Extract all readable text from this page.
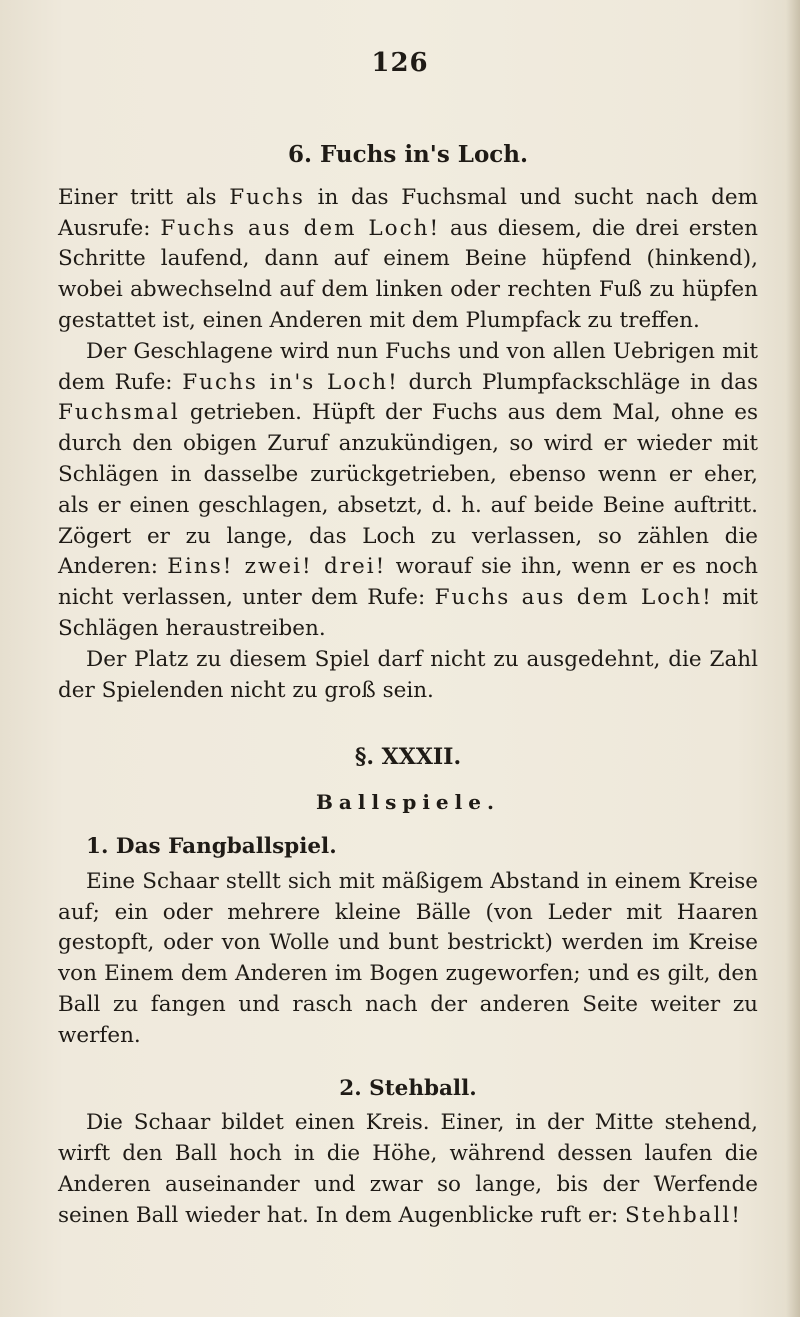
126

6. Fuchs in's Loch.

Einer tritt als Fuchs in das Fuchsmal und sucht nach dem Ausrufe: Fuchs aus dem Loch! aus diesem, die drei ersten Schritte laufend, dann auf einem Beine hüpfend (hinkend), wobei abwechselnd auf dem linken oder rechten Fuß zu hüpfen gestattet ist, einen Anderen mit dem Plumpfack zu treffen.

Der Geschlagene wird nun Fuchs und von allen Uebrigen mit dem Rufe: Fuchs in's Loch! durch Plumpfackschläge in das Fuchsmal getrieben. Hüpft der Fuchs aus dem Mal, ohne es durch den obigen Zuruf anzukündigen, so wird er wieder mit Schlägen in dasselbe zurückgetrieben, ebenso wenn er eher, als er einen geschlagen, absetzt, d. h. auf beide Beine auftritt. Zögert er zu lange, das Loch zu verlassen, so zählen die Anderen: Eins! zwei! drei! worauf sie ihn, wenn er es noch nicht verlassen, unter dem Rufe: Fuchs aus dem Loch! mit Schlägen heraustreiben.

Der Platz zu diesem Spiel darf nicht zu ausgedehnt, die Zahl der Spielenden nicht zu groß sein.

§. XXXII.

Ballspiele.

1. Das Fangballspiel.

Eine Schaar stellt sich mit mäßigem Abstand in einem Kreise auf; ein oder mehrere kleine Bälle (von Leder mit Haaren gestopft, oder von Wolle und bunt bestrickt) werden im Kreise von Einem dem Anderen im Bogen zugeworfen; und es gilt, den Ball zu fangen und rasch nach der anderen Seite weiter zu werfen.

2. Stehball.

Die Schaar bildet einen Kreis. Einer, in der Mitte stehend, wirft den Ball hoch in die Höhe, während dessen laufen die Anderen auseinander und zwar so lange, bis der Werfende seinen Ball wieder hat. In dem Augenblicke ruft er: Stehball!
